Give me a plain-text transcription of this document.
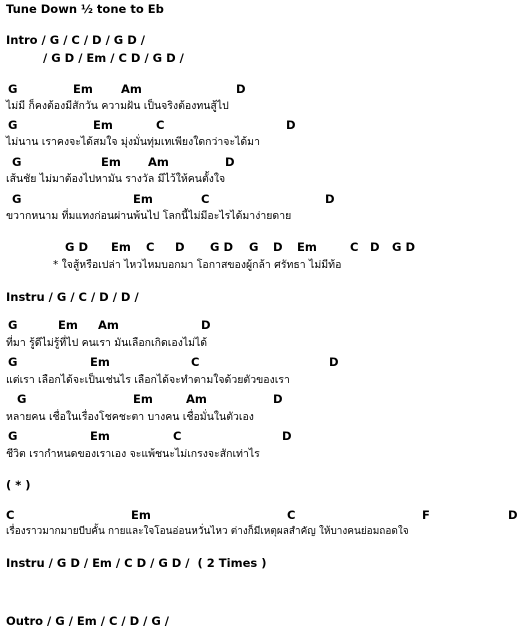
Tune Down ½ tone to Eb
Intro / G / C / D / G D /
/ G D / Em / C D / G D /
G	Em Am	D
ไม่มี ก็คงต้องมีสักวัน ความฝัน เป็นจริงต้องทนสู้ไป
G	Em	C	D
ไม่นาน เราคงจะได้สมใจ มุ่งมั่นทุ่มเทเพียงใดกว่าจะได้มา
G	Em Am	D
เส้นชัย ไม่มาต้องไปหามัน รางวัล มีไว้ให้คนตั้งใจ
G	Em	C	D
ขวากหนาม ที่มแทงก่อนผ่านพ้นไป โลกนี้ไม่มีอะไรได้มาง่ายดาย
G D Em C D G D G D Em	C D G D
* ใจสู้หรือเปล่า ไหวไหมบอกมา โอกาสของผู้กล้า ศรัทธา ไม่มีท้อ
Instru / G / C / D / D /
G	Em Am	D
ที่มา รู้ดีไม่รู้ที่ไป คนเรา มันเลือกเกิดเองไม่ได้
G	Em	C	D
แต่เรา เลือกได้จะเป็นเช่นไร เลือกได้จะทำตามใจด้วยตัวของเรา
G	Em	Am	D
หลายคน เชื่อในเรื่องโชคชะตา บางคน เชื่อมั่นในตัวเอง
G	Em	C	D
ชีวิต เรากำหนดของเราเอง จะแพ้ชนะไม่เกรงจะสักเท่าไร
( * )
C	Em	C	F	D
เรื่องราวมากมายบีบคั้น กายและใจโอนอ่อนหวั่นไหว ต่างก็มีเหตุผลสำคัญ ให้บางคนย่อมถอดใจ
Instru / G D / Em / C D / G D / ( 2 Times )
Outro / G / Em / C / D / G /
